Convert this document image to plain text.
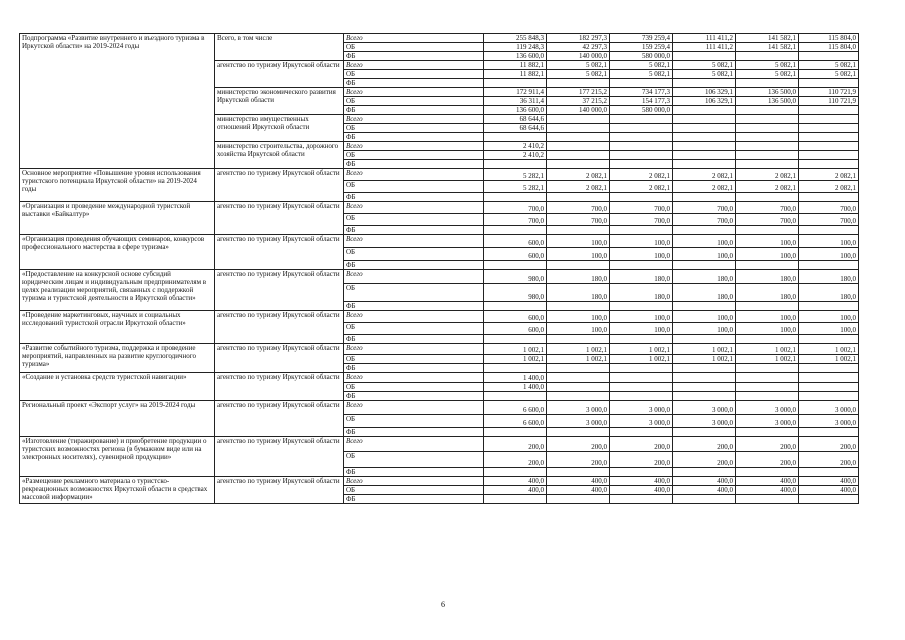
Подпрограмма «Развитие внутреннего и въездного туризма в Иркутской области» на 2019-2024 годы	Всего, в том числе	Всего	255 848,3	182 297,3	739 259,4	111 411,2	141 582,1	115 804,0
		ОБ	119 248,3	42 297,3	159 259,4	111 411,2	141 582,1	115 804,0
		ФБ	136 600,0	140 000,0	580 000,0			
	агентство по туризму Иркутской области	Всего	11 882,1	5 082,1	5 082,1	5 082,1	5 082,1	5 082,1
		ОБ	11 882,1	5 082,1	5 082,1	5 082,1	5 082,1	5 082,1
		ФБ						
	министерство экономического развития Иркутской области	Всего	172 911,4	177 215,2	734 177,3	106 329,1	136 500,0	110 721,9
		ОБ	36 311,4	37 215,2	154 177,3	106 329,1	136 500,0	110 721,9
		ФБ	136 600,0	140 000,0	580 000,0			
	министерство имущественных отношений Иркутской области	Всего	68 644,6					
		ОБ	68 644,6					
		ФБ						
	министерство строительства, дорожного хозяйства Иркутской области	Всего	2 410,2					
		ОБ	2 410,2					
		ФБ						
Основное мероприятие «Повышение уровня использования туристского потенциала Иркутской области» на 2019-2024 годы	агентство по туризму Иркутской области	Всего	5 282,1	2 082,1	2 082,1	2 082,1	2 082,1	2 082,1
		ОБ	5 282,1	2 082,1	2 082,1	2 082,1	2 082,1	2 082,1
		ФБ						
«Организация и проведение международной туристской выставки «Байкалтур»	агентство по туризму Иркутской области	Всего	700,0	700,0	700,0	700,0	700,0	700,0
		ОБ	700,0	700,0	700,0	700,0	700,0	700,0
		ФБ						
«Организация проведения обучающих семинаров, конкурсов профессионального мастерства в сфере туризма»	агентство по туризму Иркутской области	Всего	600,0	100,0	100,0	100,0	100,0	100,0
		ОБ	600,0	100,0	100,0	100,0	100,0	100,0
		ФБ						
«Предоставление на конкурсной основе субсидий юридическим лицам и индивидуальным предпринимателям в целях реализации мероприятий, связанных с поддержкой туризма и туристской деятельности в Иркутской области»	агентство по туризму Иркутской области	Всего	980,0	180,0	180,0	180,0	180,0	180,0
		ОБ	980,0	180,0	180,0	180,0	180,0	180,0
		ФБ						
«Проведение маркетинговых, научных и социальных исследований туристской отрасли Иркутской области»	агентство по туризму Иркутской области	Всего	600,0	100,0	100,0	100,0	100,0	100,0
		ОБ	600,0	100,0	100,0	100,0	100,0	100,0
		ФБ						
«Развитие событийного туризма, поддержка и проведение мероприятий, направленных на развитие круглогодичного туризма»	агентство по туризму Иркутской области	Всего	1 002,1	1 002,1	1 002,1	1 002,1	1 002,1	1 002,1
		ОБ	1 002,1	1 002,1	1 002,1	1 002,1	1 002,1	1 002,1
		ФБ						
«Создание и установка средств туристской навигации»	агентство по туризму Иркутской области	Всего	1 400,0					
		ОБ	1 400,0					
		ФБ						
Региональный проект «Экспорт услуг» на 2019-2024 годы	агентство по туризму Иркутской области	Всего	6 600,0	3 000,0	3 000,0	3 000,0	3 000,0	3 000,0
		ОБ	6 600,0	3 000,0	3 000,0	3 000,0	3 000,0	3 000,0
		ФБ						
«Изготовление (тиражирование) и приобретение продукции о туристских возможностях региона (в бумажном виде или на электронных носителях), сувенирной продукции»	агентство по туризму Иркутской области	Всего	200,0	200,0	200,0	200,0	200,0	200,0
		ОБ	200,0	200,0	200,0	200,0	200,0	200,0
		ФБ						
«Размещение рекламного материала о туристско-рекреационных возможностях Иркутской области в средствах массовой информации»	агентство по туризму Иркутской области	Всего	400,0	400,0	400,0	400,0	400,0	400,0
		ОБ	400,0	400,0	400,0	400,0	400,0	400,0
		ФБ						
6
